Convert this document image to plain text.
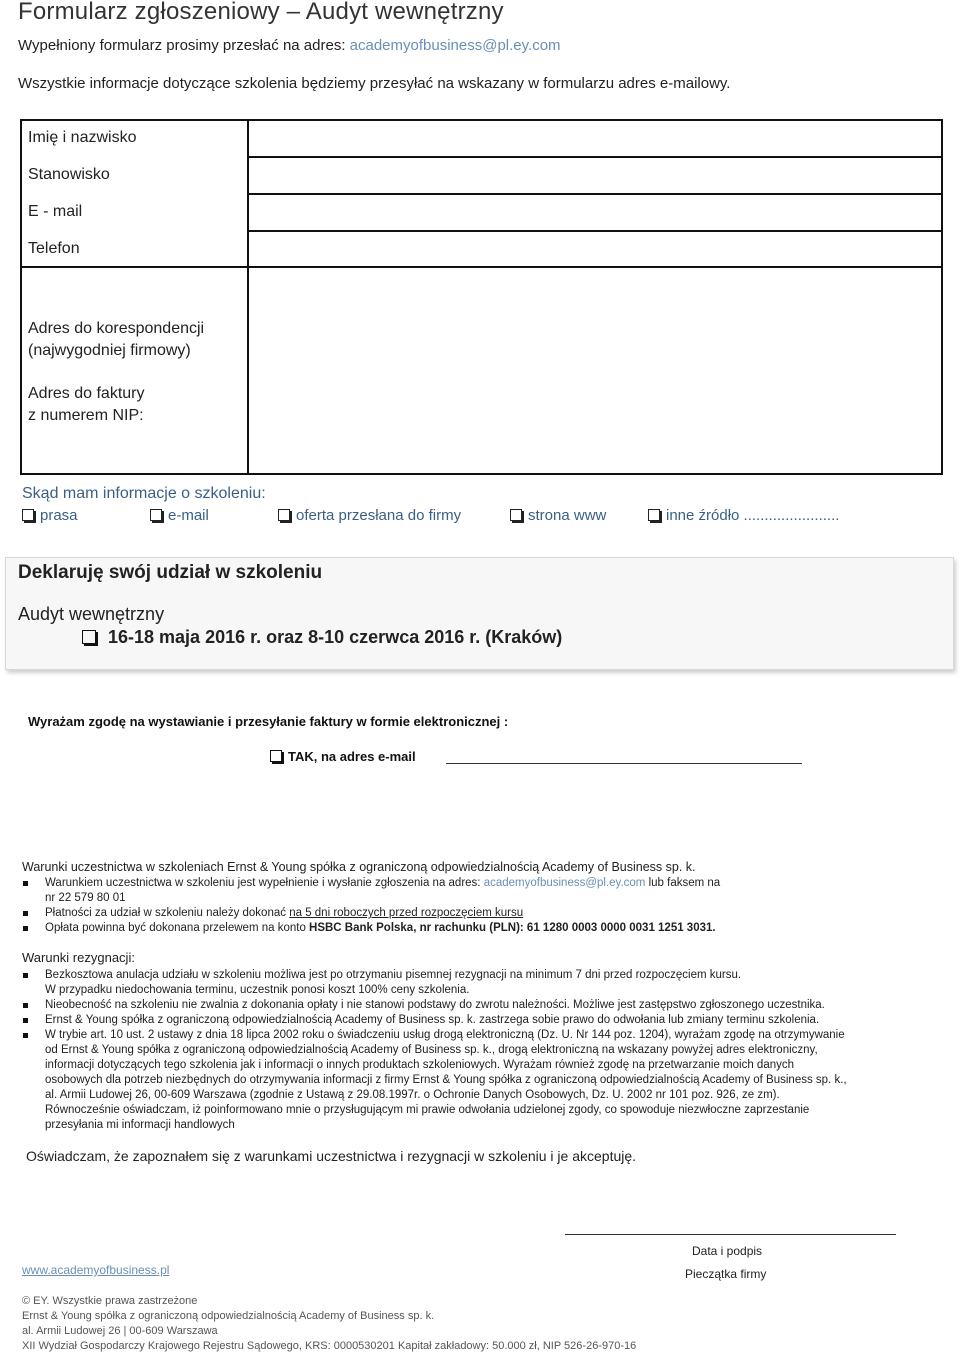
Formularz zgłoszeniowy – Audyt wewnętrzny
Wypełniony formularz prosimy przesłać na adres: academyofbusiness@pl.ey.com
Wszystkie informacje dotyczące szkolenia będziemy przesyłać na wskazany w formularzu adres e-mailowy.
Imię i nazwisko
Stanowisko
E - mail
Telefon
Adres do korespondencji
(najwygodniej firmowy)
Adres do faktury
z numerem NIP:
Skąd mam informacje o szkoleniu:
prasa	e-mail	oferta przesłana do firmy	strona www	inne źródło .......................
Deklaruję swój udział w szkoleniu
Audyt wewnętrzny
16-18 maja 2016 r. oraz 8-10 czerwca 2016 r. (Kraków)
Wyrażam zgodę na wystawianie i przesyłanie faktury w formie elektronicznej :
TAK, na adres e-mail
Warunki uczestnictwa w szkoleniach Ernst & Young spółka z ograniczoną odpowiedzialnością Academy of Business sp. k.
Warunkiem uczestnictwa w szkoleniu jest wypełnienie i wysłanie zgłoszenia na adres: academyofbusiness@pl.ey.com lub faksem na
nr 22 579 80 01
Płatności za udział w szkoleniu należy dokonać na 5 dni roboczych przed rozpoczęciem kursu
Opłata powinna być dokonana przelewem na konto HSBC Bank Polska, nr rachunku (PLN): 61 1280 0003 0000 0031 1251 3031.
Warunki rezygnacji:
Bezkosztowa anulacja udziału w szkoleniu możliwa jest po otrzymaniu pisemnej rezygnacji na minimum 7 dni przed rozpoczęciem kursu.
W przypadku niedochowania terminu, uczestnik ponosi koszt 100% ceny szkolenia.
Nieobecność na szkoleniu nie zwalnia z dokonania opłaty i nie stanowi podstawy do zwrotu należności. Możliwe jest zastępstwo zgłoszonego uczestnika.
Ernst & Young spółka z ograniczoną odpowiedzialnością Academy of Business sp. k. zastrzega sobie prawo do odwołania lub zmiany terminu szkolenia.
W trybie art. 10 ust. 2 ustawy z dnia 18 lipca 2002 roku o świadczeniu usług drogą elektroniczną (Dz. U. Nr 144 poz. 1204), wyrażam zgodę na otrzymywanie
od Ernst & Young spółka z ograniczoną odpowiedzialnością Academy of Business sp. k., drogą elektroniczną na wskazany powyżej adres elektroniczny,
informacji dotyczących tego szkolenia jak i informacji o innych produktach szkoleniowych. Wyrażam również zgodę na przetwarzanie moich danych
osobowych dla potrzeb niezbędnych do otrzymywania informacji z firmy Ernst & Young spółka z ograniczoną odpowiedzialnością Academy of Business sp. k.,
al. Armii Ludowej 26, 00-609 Warszawa (zgodnie z Ustawą z 29.08.1997r. o Ochronie Danych Osobowych, Dz. U. 2002 nr 101 poz. 926, ze zm).
Równocześnie oświadczam, iż poinformowano mnie o przysługującym mi prawie odwołania udzielonej zgody, co spowoduje niezwłoczne zaprzestanie
przesyłania mi informacji handlowych
Oświadczam, że zapoznałem się z warunkami uczestnictwa i rezygnacji w szkoleniu i je akceptuję.
Data i podpis
Pieczątka firmy
www.academyofbusiness.pl
© EY. Wszystkie prawa zastrzeżone
Ernst & Young spółka z ograniczoną odpowiedzialnością Academy of Business sp. k.
al. Armii Ludowej 26 | 00-609 Warszawa
XII Wydział Gospodarczy Krajowego Rejestru Sądowego, KRS: 0000530201 Kapitał zakładowy: 50.000 zł, NIP 526-26-970-16
